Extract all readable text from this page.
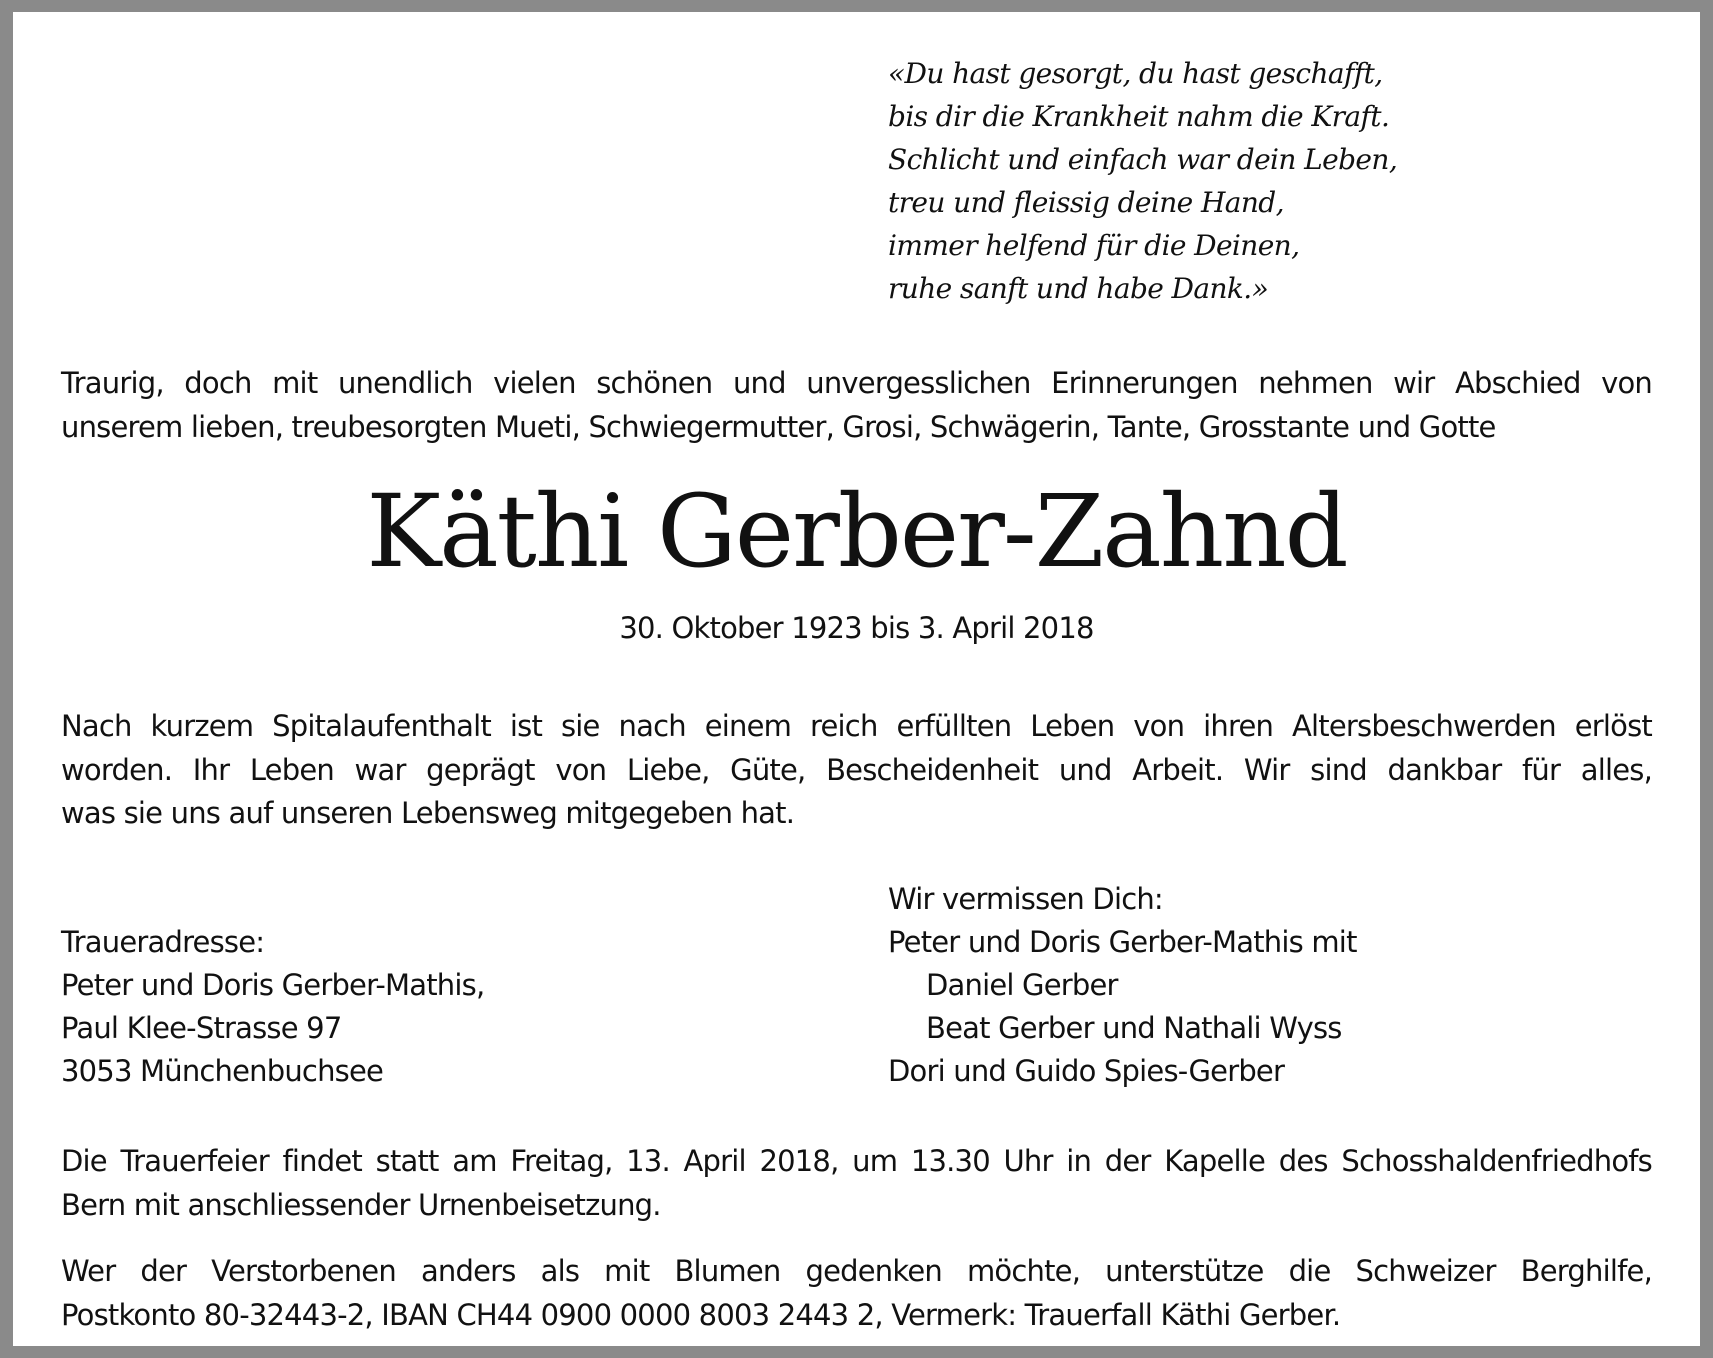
«Du hast gesorgt, du hast geschafft,
bis dir die Krankheit nahm die Kraft.
Schlicht und einfach war dein Leben,
treu und fleissig deine Hand,
immer helfend für die Deinen,
ruhe sanft und habe Dank.»
Traurig, doch mit unendlich vielen schönen und unvergesslichen Erinnerungen nehmen wir Abschied von
unserem lieben, treubesorgten Mueti, Schwiegermutter, Grosi, Schwägerin, Tante, Grosstante und Gotte
Käthi Gerber-Zahnd
30. Oktober 1923 bis 3. April 2018
Nach kurzem Spitalaufenthalt ist sie nach einem reich erfüllten Leben von ihren Altersbeschwerden erlöst
worden. Ihr Leben war geprägt von Liebe, Güte, Bescheidenheit und Arbeit. Wir sind dankbar für alles,
was sie uns auf unseren Lebensweg mitgegeben hat.
Traueradresse:
Peter und Doris Gerber-Mathis,
Paul Klee-Strasse 97
3053 Münchenbuchsee
Wir vermissen Dich:
Peter und Doris Gerber-Mathis mit
Daniel Gerber
Beat Gerber und Nathali Wyss
Dori und Guido Spies-Gerber
Die Trauerfeier findet statt am Freitag, 13. April 2018, um 13.30 Uhr in der Kapelle des Schosshaldenfriedhofs
Bern mit anschliessender Urnenbeisetzung.
Wer der Verstorbenen anders als mit Blumen gedenken möchte, unterstütze die Schweizer Berghilfe,
Postkonto 80-32443-2, IBAN CH44 0900 0000 8003 2443 2, Vermerk: Trauerfall Käthi Gerber.
